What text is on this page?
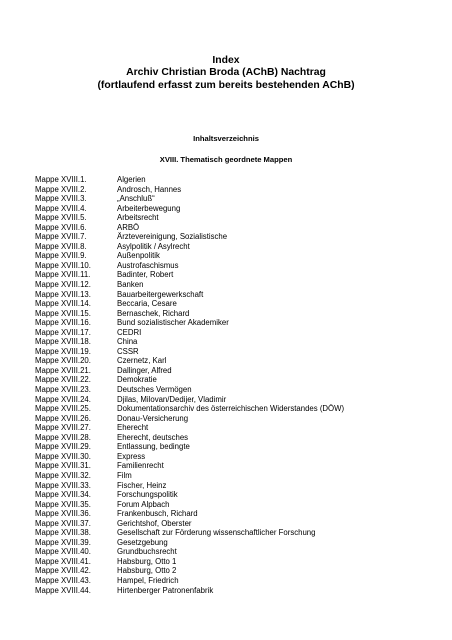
Index
Archiv Christian Broda (AChB) Nachtrag
(fortlaufend erfasst zum bereits bestehenden AChB)
Inhaltsverzeichnis
XVIII. Thematisch geordnete Mappen
Mappe XVIII.1.	Algerien
Mappe XVIII.2.	Androsch, Hannes
Mappe XVIII.3.	„Anschluß“
Mappe XVIII.4.	Arbeiterbewegung
Mappe XVIII.5.	Arbeitsrecht
Mappe XVIII.6.	ARBÖ
Mappe XVIII.7.	Ärztevereinigung, Sozialistische
Mappe XVIII.8.	Asylpolitik / Asylrecht
Mappe XVIII.9.	Außenpolitik
Mappe XVIII.10.	Austrofaschismus
Mappe XVIII.11.	Badinter, Robert
Mappe XVIII.12.	Banken
Mappe XVIII.13.	Bauarbeitergewerkschaft
Mappe XVIII.14.	Beccaria, Cesare
Mappe XVIII.15.	Bernaschek, Richard
Mappe XVIII.16.	Bund sozialistischer Akademiker
Mappe XVIII.17.	CEDRI
Mappe XVIII.18.	China
Mappe XVIII.19.	CSSR
Mappe XVIII.20.	Czernetz, Karl
Mappe XVIII.21.	Dallinger, Alfred
Mappe XVIII.22.	Demokratie
Mappe XVIII.23.	Deutsches Vermögen
Mappe XVIII.24.	Djilas, Milovan/Dedijer, Vladimir
Mappe XVIII.25.	Dokumentationsarchiv des österreichischen Widerstandes (DÖW)
Mappe XVIII.26.	Donau-Versicherung
Mappe XVIII.27.	Eherecht
Mappe XVIII.28.	Eherecht, deutsches
Mappe XVIII.29.	Entlassung, bedingte
Mappe XVIII.30.	Express
Mappe XVIII.31.	Familienrecht
Mappe XVIII.32.	Film
Mappe XVIII.33.	Fischer, Heinz
Mappe XVIII.34.	Forschungspolitik
Mappe XVIII.35.	Forum Alpbach
Mappe XVIII.36.	Frankenbusch, Richard
Mappe XVIII.37.	Gerichtshof, Oberster
Mappe XVIII.38.	Gesellschaft zur Förderung wissenschaftlicher Forschung
Mappe XVIII.39.	Gesetzgebung
Mappe XVIII.40.	Grundbuchsrecht
Mappe XVIII.41.	Habsburg, Otto 1
Mappe XVIII.42.	Habsburg, Otto 2
Mappe XVIII.43.	Hampel, Friedrich
Mappe XVIII.44.	Hirtenberger Patronenfabrik
